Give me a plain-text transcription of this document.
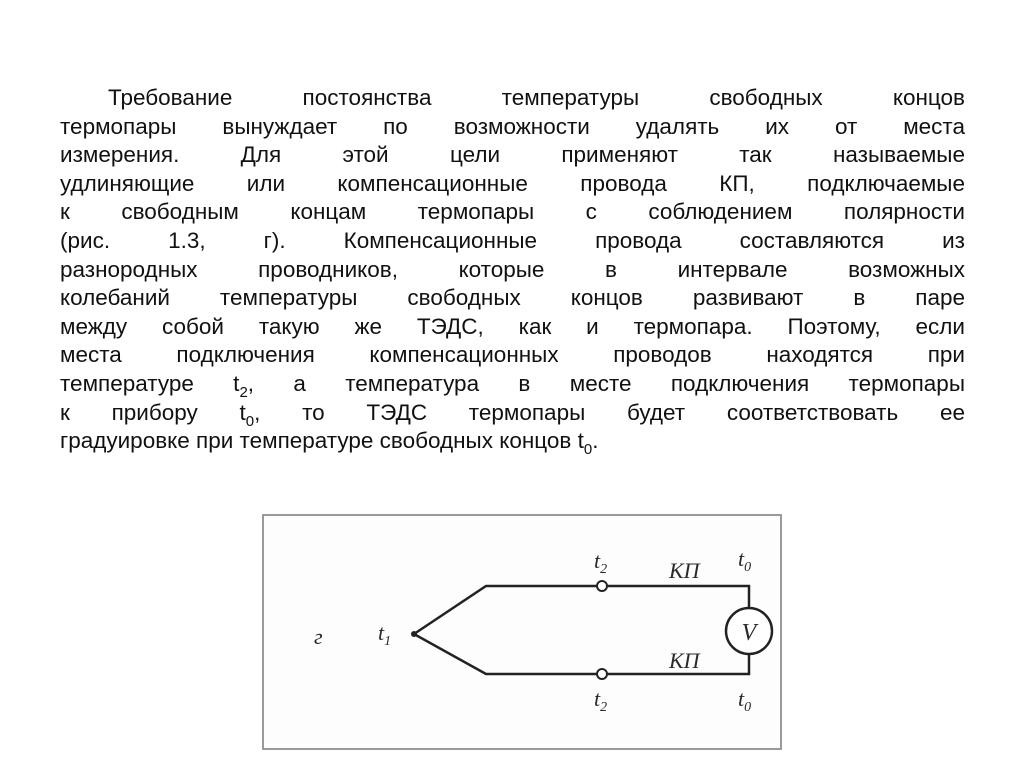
Требование постоянства температуры свободных концов
термопары вынуждает по возможности удалять их от места
измерения. Для этой цели применяют так называемые
удлиняющие или компенсационные провода КП, подключаемые
к свободным концам термопары с соблюдением полярности
(рис. 1.3, г). Компенсационные провода составляются из
разнородных проводников, которые в интервале возможных
колебаний температуры свободных концов развивают в паре
между собой такую же ТЭДС, как и термопара. Поэтому, если
места подключения компенсационных проводов находятся при
температуре $t_2$, а температура в месте подключения термопары
к прибору $t_0$, то ТЭДС термопары будет соответствовать ее
градуировке при температуре свободных концов $t_0$.
V
г	$t_1$
$t_2$
$t_2$
КП
КП
$t_0$
$t_0$
